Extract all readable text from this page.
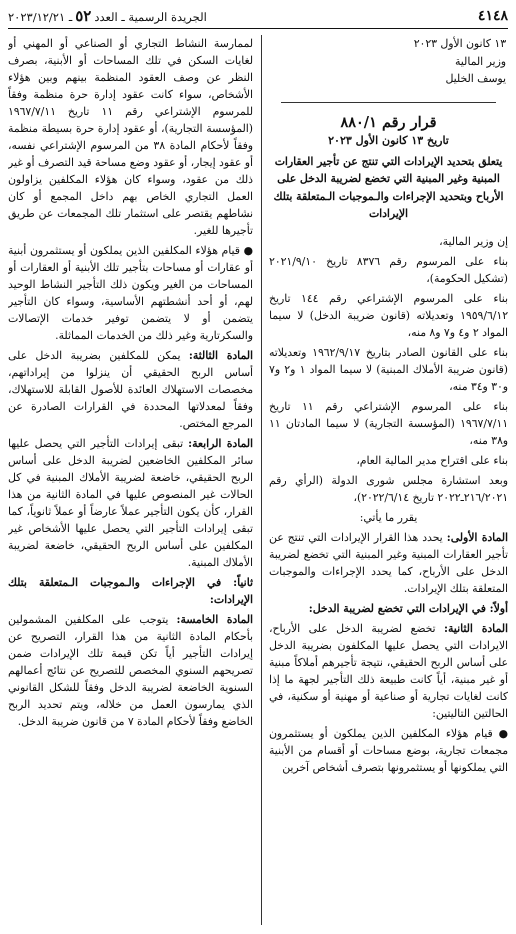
٤١٤٨
الجريدة الرسمية ـ العدد٥٢ـ ٢٠٢٣/١٢/٢١
١٣ كانون الأول ٢٠٢٣
وزير المالية
يوسف الخليل
قرار رقم ٨٨٠/١
تاريخ ١٣ كانون الأول ٢٠٢٣
يتعلق بتحديد الإيرادات التي تنتج عن تأجير العقارات المبنية وغير المبنية التي تخضع لضريبة الدخل على الأرباح وبتحديد الإجراءات والـموجبات الـمتعلقة بتلك الإيرادات

إن وزير المالية،

بناء على المرسوم رقم ٨٣٧٦ تاريخ ٢٠٢١/٩/١٠ (تشكيل الحكومة)،

بناء على المرسوم الإشتراعي رقم ١٤٤ تاريخ ١٩٥٩/٦/١٢ وتعديلاته (قانون ضريبة الدخل) لا سيما المواد ٢ و٤ و٧ و٨ منه،

بناء على القانون الصادر بتاريخ ١٩٦٢/٩/١٧ وتعديلاته (قانون ضريبة الأملاك المبنية) لا سيما المواد ١ و٢ و٧ و٣٠ و٣٤ منه،

بناء على المرسوم الإشتراعي رقم ١١ تاريخ ١٩٦٧/٧/١١ (المؤسسة التجارية) لا سيما المادتان ١١ و٣٨ منه،

بناء على اقتراح مدير المالية العام،

وبعد استشارة مجلس شورى الدولة (الرأي رقم ٢١٦/٢٠٢١ـ٢٠٢٢ تاريخ ٢٠٢٢/٦/١٤)،

يقرر ما يأتي:

المادة الأولى: يحدد هذا القرار الإيرادات التي تنتج عن تأجير العقارات المبنية وغير المبنية التي تخضع لضريبة الدخل على الأرباح، كما يحدد الإجراءات والموجبات المتعلقة بتلك الإيرادات.

أولاً: في الإيرادات التي تخضع لضريبة الدخل:

المادة الثانية: تخضع لضريبة الدخل على الأرباح، الايرادات التي يحصل عليها المكلفون بضريبة الدخل على أساس الربح الحقيقي، نتيجة تأجيرهم أملاكاً مبنية أو غير مبنية، أياً كانت طبيعة ذلك التأجير لجهة ما إذا كانت لغايات تجارية أو صناعية أو مهنية أو سكنية، في الحالتين التاليتين:

● قيام هؤلاء المكلفين الذين يملكون أو يستثمرون مجمعات تجارية، بوضع مساحات أو أقسام من الأبنية التي يملكونها أو يستثمرونها بتصرف أشخاص آخرين

لممارسة النشاط التجاري أو الصناعي أو المهني أو لغايات السكن في تلك المساحات أو الأبنية، بصرف النظر عن وصف العقود المنظمة بينهم وبين هؤلاء الأشخاص، سواء كانت عقود إدارة حرة منظمة وفقاً للمرسوم الإشتراعي رقم ١١ تاريخ ١٩٦٧/٧/١١ (المؤسسة التجارية)، أو عقود إدارة حرة بسيطة منظمة وفقاً لأحكام المادة ٣٨ من المرسوم الإشتراعي نفسه، أو عقود إيجار، أو عقود وضع مساحة قيد التصرف أو غير ذلك من عقود، وسواء كان هؤلاء المكلفين يزاولون العمل التجاري الخاص بهم داخل المجمع أو كان نشاطهم يقتصر على استثمار تلك المجمعات عن طريق تأجيرها للغير.

● قيام هؤلاء المكلفين الذين يملكون أو يستثمرون أبنية أو عقارات أو مساحات بتأجير تلك الأبنية أو العقارات أو المساحات من الغير ويكون ذلك التأجير النشاط الوحيد لهم، أو أحد أنشطتهم الأساسية، وسواء كان التأجير يتضمن أو لا يتضمن توفير خدمات الإتصالات والسكرتارية وغير ذلك من الخدمات المماثلة.

المادة الثالثة: يمكن للمكلفين بضريبة الدخل على أساس الربح الحقيقي أن ينزلوا من إيراداتهم، مخصصات الاستهلاك العائدة للأصول القابلة للاستهلاك، وفقاً لمعدلاتها المحددة في القرارات الصادرة عن المرجع المختص.

المادة الرابعة: تبقى إيرادات التأجير التي يحصل عليها سائر المكلفين الخاضعين لضريبة الدخل على أساس الربح الحقيقي، خاضعة لضريبة الأملاك المبنية في كل الحالات غير المنصوص عليها في المادة الثانية من هذا القرار، كأن يكون التأجير عملاً عارضاً أو عملاً ثانوياً، كما تبقى إيرادات التأجير التي يحصل عليها الأشخاص غير المكلفين على أساس الربح الحقيقي، خاضعة لضريبة الأملاك المبنية.

ثانياً: في الإجراءات والـموجبات الـمتعلقة بتلك الإيرادات:

المادة الخامسة: يتوجب على المكلفين المشمولين بأحكام المادة الثانية من هذا القرار، التصريح عن إيرادات التأجير أياً تكن قيمة تلك الإيرادات ضمن تصريحهم السنوي المخصص للتصريح عن نتائج أعمالهم السنوية الخاضعة لضريبة الدخل وفقاً للشكل القانوني الذي يمارسون العمل من خلاله، ويتم تحديد الربح الخاضع وفقاً لأحكام المادة ٧ من قانون ضريبة الدخل.
